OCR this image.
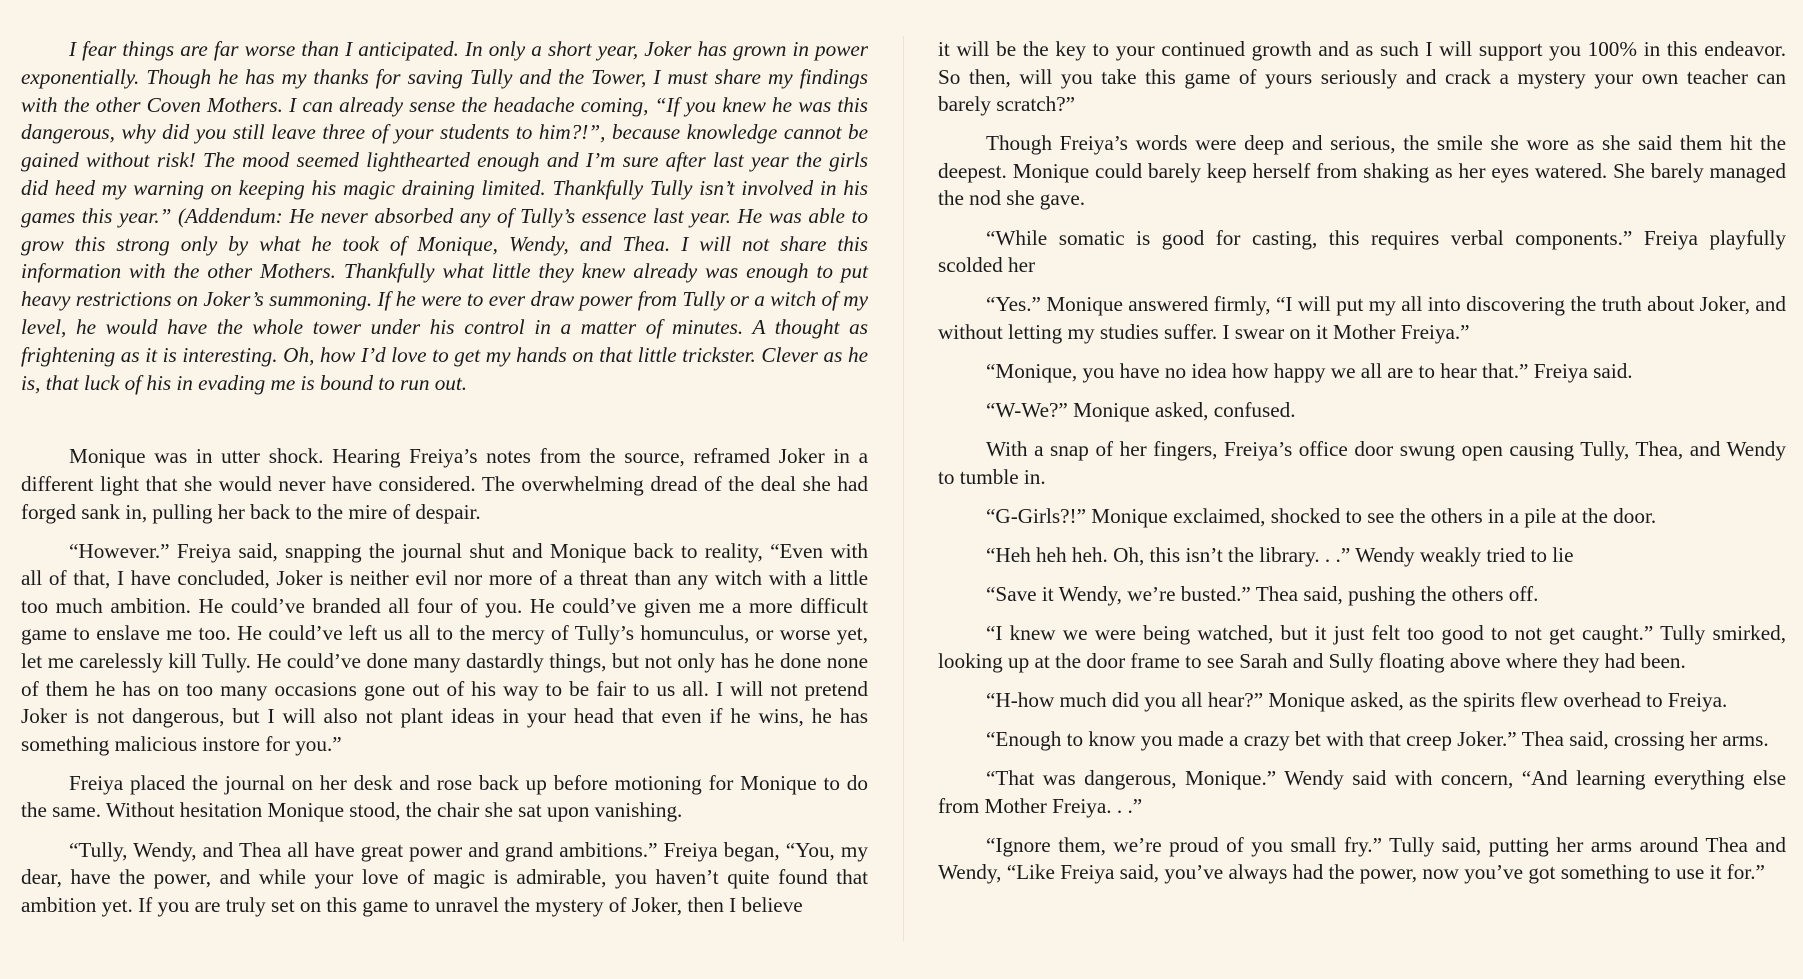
I fear things are far worse than I anticipated. In only a short year, Joker has grown in power exponentially. Though he has my thanks for saving Tully and the Tower, I must share my findings with the other Coven Mothers. I can already sense the headache coming, “If you knew he was this dangerous, why did you still leave three of your students to him?!”, because knowledge cannot be gained without risk! The mood seemed lighthearted enough and I’m sure after last year the girls did heed my warning on keeping his magic draining limited. Thankfully Tully isn’t involved in his games this year.” (Addendum: He never absorbed any of Tully’s essence last year. He was able to grow this strong only by what he took of Monique, Wendy, and Thea. I will not share this information with the other Mothers. Thankfully what little they knew already was enough to put heavy restrictions on Joker’s summoning. If he were to ever draw power from Tully or a witch of my level, he would have the whole tower under his control in a matter of minutes. A thought as frightening as it is interesting. Oh, how I’d love to get my hands on that little trickster. Clever as he is, that luck of his in evading me is bound to run out.

Monique was in utter shock. Hearing Freiya’s notes from the source, reframed Joker in a different light that she would never have considered. The overwhelming dread of the deal she had forged sank in, pulling her back to the mire of despair.

“However.” Freiya said, snapping the journal shut and Monique back to reality, “Even with all of that, I have concluded, Joker is neither evil nor more of a threat than any witch with a little too much ambition. He could’ve branded all four of you. He could’ve given me a more difficult game to enslave me too. He could’ve left us all to the mercy of Tully’s homunculus, or worse yet, let me carelessly kill Tully. He could’ve done many dastardly things, but not only has he done none of them he has on too many occasions gone out of his way to be fair to us all. I will not pretend Joker is not dangerous, but I will also not plant ideas in your head that even if he wins, he has something malicious instore for you.”

Freiya placed the journal on her desk and rose back up before motioning for Monique to do the same. Without hesitation Monique stood, the chair she sat upon vanishing.

“Tully, Wendy, and Thea all have great power and grand ambitions.” Freiya began, “You, my dear, have the power, and while your love of magic is admirable, you haven’t quite found that ambition yet. If you are truly set on this game to unravel the mystery of Joker, then I believe

it will be the key to your continued growth and as such I will support you 100% in this endeavor. So then, will you take this game of yours seriously and crack a mystery your own teacher can barely scratch?”

Though Freiya’s words were deep and serious, the smile she wore as she said them hit the deepest. Monique could barely keep herself from shaking as her eyes watered. She barely managed the nod she gave.

“While somatic is good for casting, this requires verbal components.” Freiya playfully scolded her

“Yes.” Monique answered firmly, “I will put my all into discovering the truth about Joker, and without letting my studies suffer. I swear on it Mother Freiya.”

“Monique, you have no idea how happy we all are to hear that.” Freiya said.

“W-We?” Monique asked, confused.

With a snap of her fingers, Freiya’s office door swung open causing Tully, Thea, and Wendy to tumble in.

“G-Girls?!” Monique exclaimed, shocked to see the others in a pile at the door.

“Heh heh heh. Oh, this isn’t the library. . .” Wendy weakly tried to lie

“Save it Wendy, we’re busted.” Thea said, pushing the others off.

“I knew we were being watched, but it just felt too good to not get caught.” Tully smirked, looking up at the door frame to see Sarah and Sully floating above where they had been.

“H-how much did you all hear?” Monique asked, as the spirits flew overhead to Freiya.

“Enough to know you made a crazy bet with that creep Joker.” Thea said, crossing her arms.

“That was dangerous, Monique.” Wendy said with concern, “And learning everything else from Mother Freiya. . .”

“Ignore them, we’re proud of you small fry.” Tully said, putting her arms around Thea and Wendy, “Like Freiya said, you’ve always had the power, now you’ve got something to use it for.”
